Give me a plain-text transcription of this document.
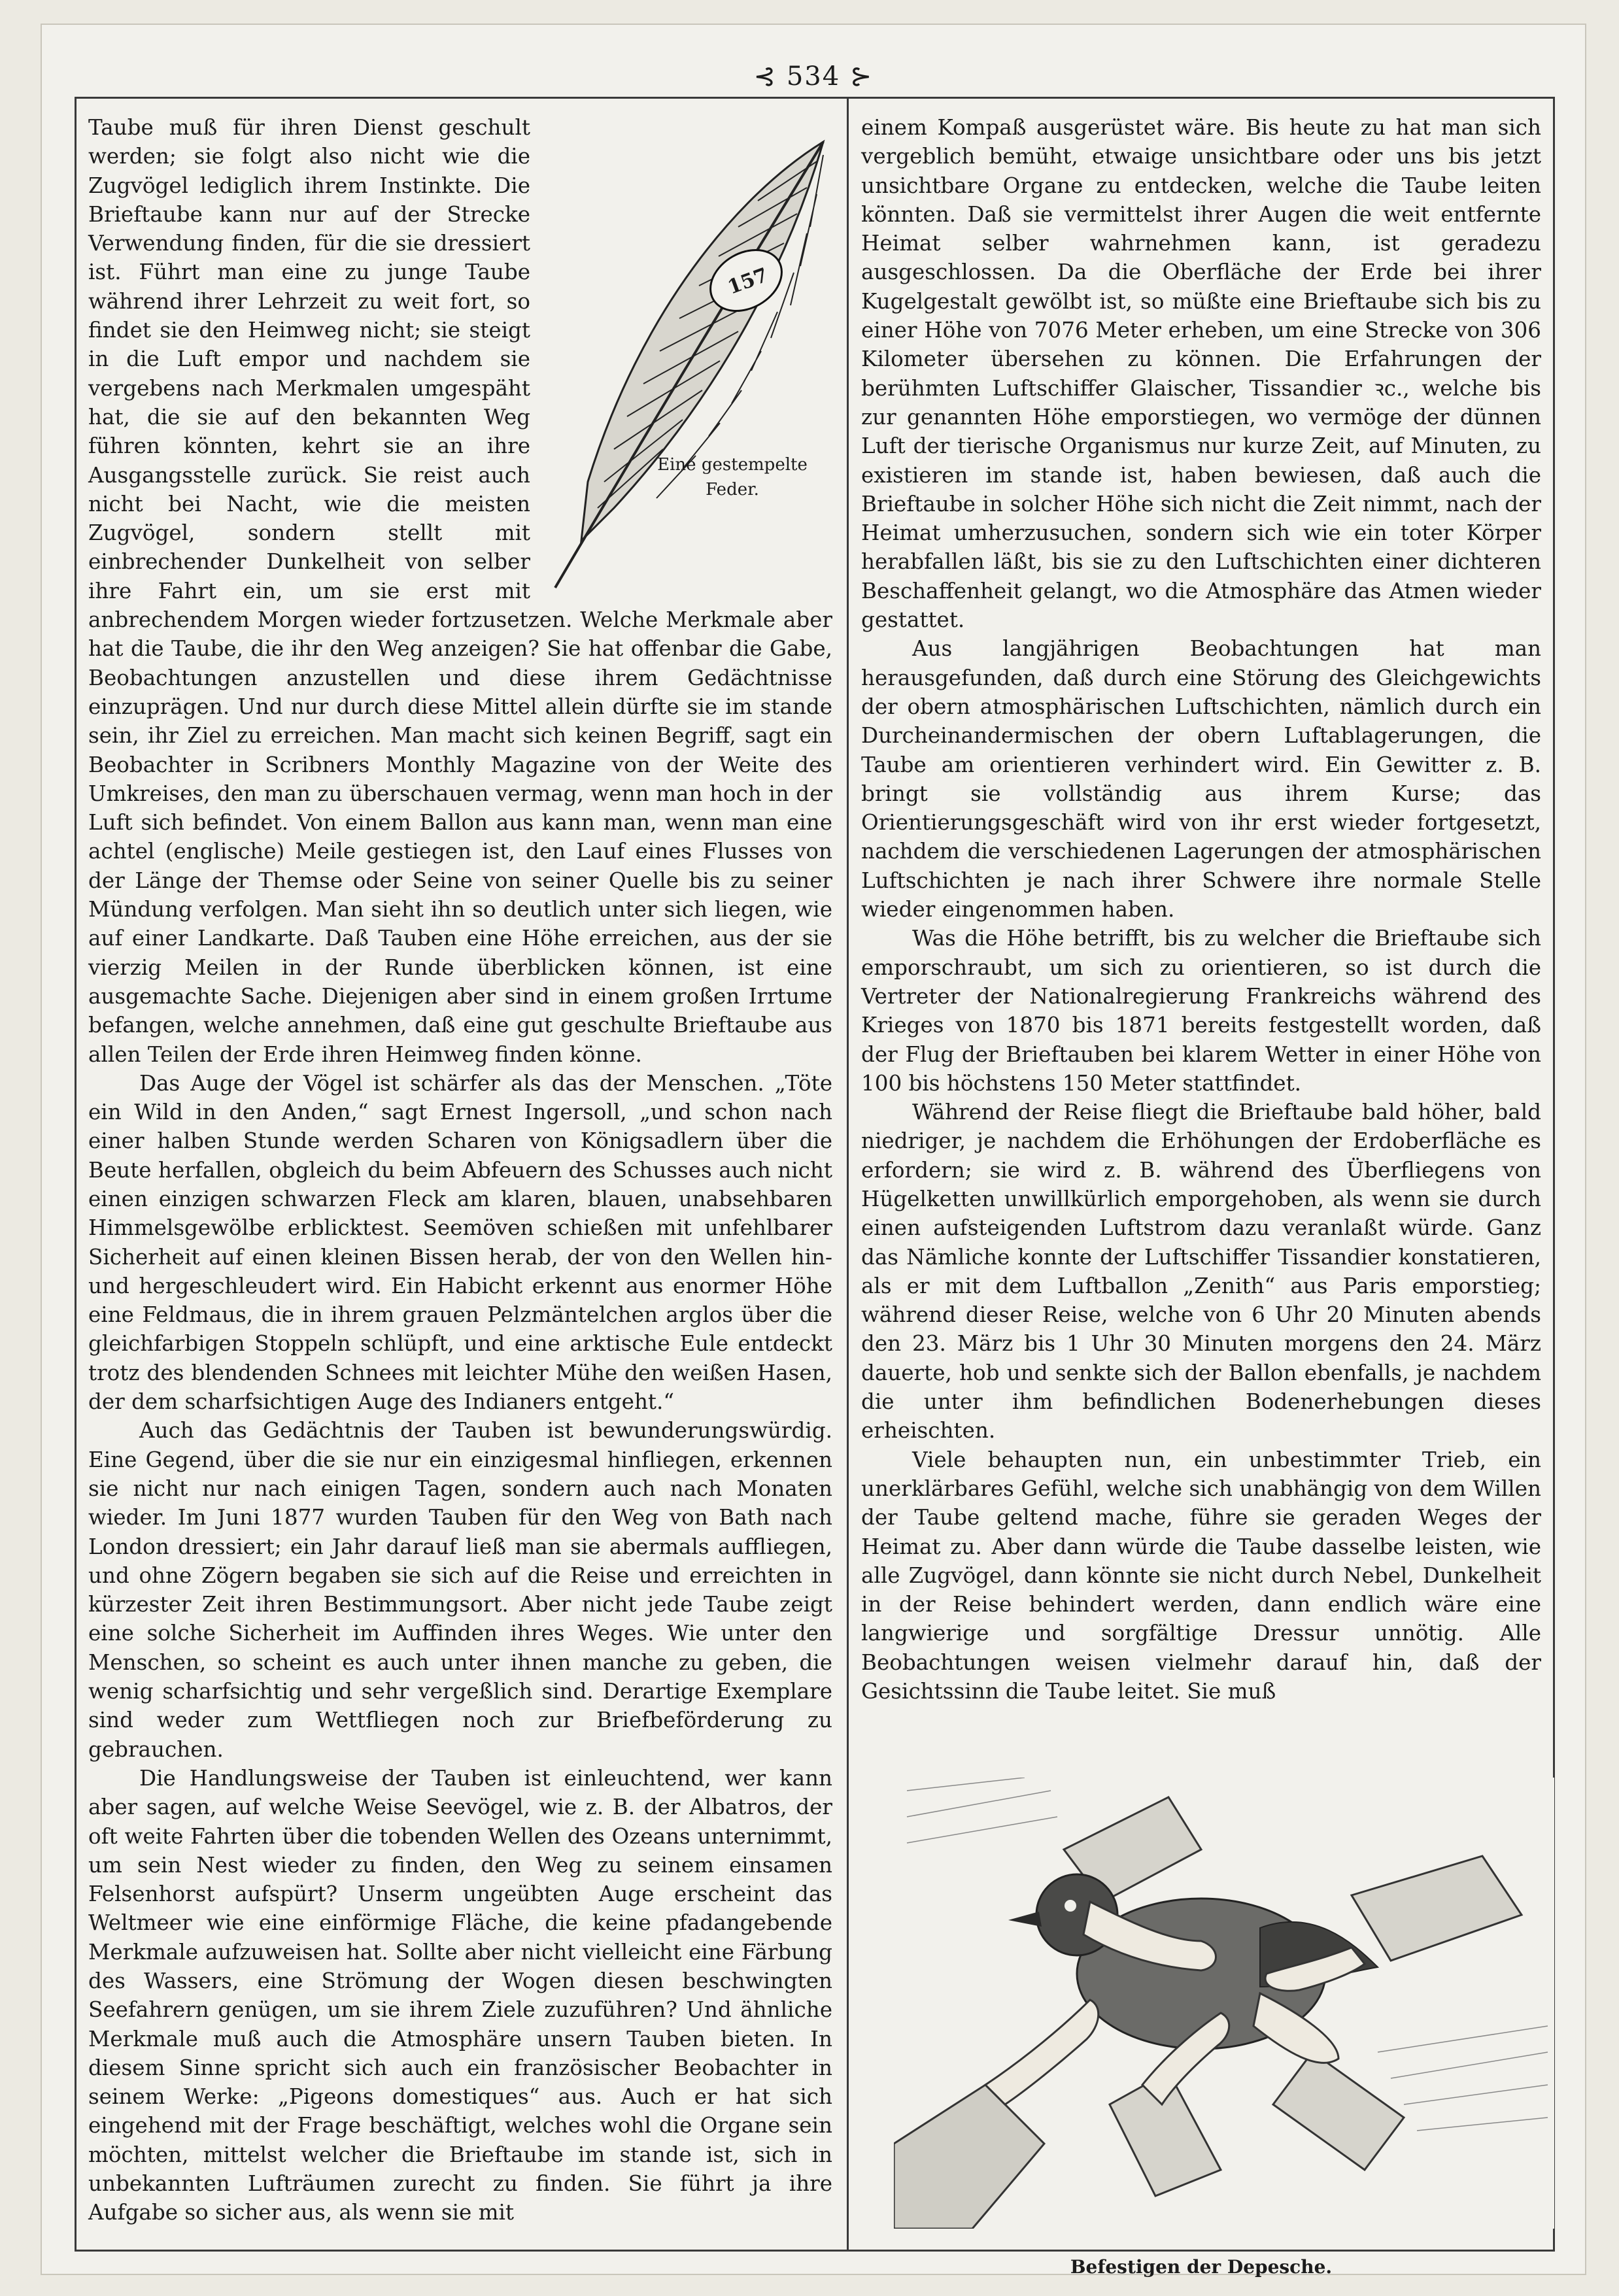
⊰ 534 ⊱
157
Eine gestempelte
Feder.

Taube muß für ihren Dienst geschult werden; sie folgt also nicht wie die Zugvögel lediglich ihrem Instinkte. Die Brieftaube kann nur auf der Strecke Verwendung finden, für die sie dressiert ist. Führt man eine zu junge Taube während ihrer Lehrzeit zu weit fort, so findet sie den Heimweg nicht; sie steigt in die Luft empor und nachdem sie vergebens nach Merkmalen umgespäht hat, die sie auf den bekannten Weg führen könnten, kehrt sie an ihre Ausgangsstelle zurück. Sie reist auch nicht bei Nacht, wie die meisten Zugvögel, sondern stellt mit einbrechender Dunkelheit von selber ihre Fahrt ein, um sie erst mit anbrechendem Morgen wieder fortzusetzen. Welche Merkmale aber hat die Taube, die ihr den Weg anzeigen? Sie hat offenbar die Gabe, Beobachtungen anzustellen und diese ihrem Gedächtnisse einzuprägen. Und nur durch diese Mittel allein dürfte sie im stande sein, ihr Ziel zu erreichen. Man macht sich keinen Begriff, sagt ein Beobachter in Scribners Monthly Magazine von der Weite des Umkreises, den man zu überschauen vermag, wenn man hoch in der Luft sich befindet. Von einem Ballon aus kann man, wenn man eine achtel (englische) Meile gestiegen ist, den Lauf eines Flusses von der Länge der Themse oder Seine von seiner Quelle bis zu seiner Mündung verfolgen. Man sieht ihn so deutlich unter sich liegen, wie auf einer Landkarte. Daß Tauben eine Höhe erreichen, aus der sie vierzig Meilen in der Runde überblicken können, ist eine ausgemachte Sache. Diejenigen aber sind in einem großen Irrtume befangen, welche annehmen, daß eine gut geschulte Brieftaube aus allen Teilen der Erde ihren Heimweg finden könne.

Das Auge der Vögel ist schärfer als das der Menschen. „Töte ein Wild in den Anden,“ sagt Ernest Ingersoll, „und schon nach einer halben Stunde werden Scharen von Königsadlern über die Beute herfallen, obgleich du beim Abfeuern des Schusses auch nicht einen einzigen schwarzen Fleck am klaren, blauen, unabsehbaren Himmelsgewölbe erblicktest. Seemöven schießen mit unfehlbarer Sicherheit auf einen kleinen Bissen herab, der von den Wellen hin- und hergeschleudert wird. Ein Habicht erkennt aus enormer Höhe eine Feldmaus, die in ihrem grauen Pelzmäntelchen arglos über die gleichfarbigen Stoppeln schlüpft, und eine arktische Eule entdeckt trotz des blendenden Schnees mit leichter Mühe den weißen Hasen, der dem scharfsichtigen Auge des Indianers entgeht.“

Auch das Gedächtnis der Tauben ist bewunderungswürdig. Eine Gegend, über die sie nur ein einzigesmal hinfliegen, erkennen sie nicht nur nach einigen Tagen, sondern auch nach Monaten wieder. Im Juni 1877 wurden Tauben für den Weg von Bath nach London dressiert; ein Jahr darauf ließ man sie abermals auffliegen, und ohne Zögern begaben sie sich auf die Reise und erreichten in kürzester Zeit ihren Bestimmungsort. Aber nicht jede Taube zeigt eine solche Sicherheit im Auffinden ihres Weges. Wie unter den Menschen, so scheint es auch unter ihnen manche zu geben, die wenig scharfsichtig und sehr vergeßlich sind. Derartige Exemplare sind weder zum Wettfliegen noch zur Briefbeförderung zu gebrauchen.

Die Handlungsweise der Tauben ist einleuchtend, wer kann aber sagen, auf welche Weise Seevögel, wie z. B. der Albatros, der oft weite Fahrten über die tobenden Wellen des Ozeans unternimmt, um sein Nest wieder zu finden, den Weg zu seinem einsamen Felsenhorst aufspürt? Unserm ungeübten Auge erscheint das Weltmeer wie eine einförmige Fläche, die keine pfadangebende Merkmale aufzuweisen hat. Sollte aber nicht vielleicht eine Färbung des Wassers, eine Strömung der Wogen diesen beschwingten Seefahrern genügen, um sie ihrem Ziele zuzuführen? Und ähnliche Merkmale muß auch die Atmosphäre unsern Tauben bieten. In diesem Sinne spricht sich auch ein französischer Beobachter in seinem Werke: „Pigeons domestiques“ aus. Auch er hat sich eingehend mit der Frage beschäftigt, welches wohl die Organe sein möchten, mittelst welcher die Brieftaube im stande ist, sich in unbekannten Lufträumen zurecht zu finden. Sie führt ja ihre Aufgabe so sicher aus, als wenn sie mit

einem Kompaß ausgerüstet wäre. Bis heute zu hat man sich vergeblich bemüht, etwaige unsichtbare oder uns bis jetzt unsichtbare Organe zu entdecken, welche die Taube leiten könnten. Daß sie vermittelst ihrer Augen die weit entfernte Heimat selber wahrnehmen kann, ist geradezu ausgeschlossen. Da die Oberfläche der Erde bei ihrer Kugelgestalt gewölbt ist, so müßte eine Brieftaube sich bis zu einer Höhe von 7076 Meter erheben, um eine Strecke von 306 Kilometer übersehen zu können. Die Erfahrungen der berühmten Luftschiffer Glaischer, Tissandier ꝛc., welche bis zur genannten Höhe emporstiegen, wo vermöge der dünnen Luft der tierische Organismus nur kurze Zeit, auf Minuten, zu existieren im stande ist, haben bewiesen, daß auch die Brieftaube in solcher Höhe sich nicht die Zeit nimmt, nach der Heimat umherzusuchen, sondern sich wie ein toter Körper herabfallen läßt, bis sie zu den Luftschichten einer dichteren Beschaffenheit gelangt, wo die Atmosphäre das Atmen wieder gestattet.

Aus langjährigen Beobachtungen hat man herausgefunden, daß durch eine Störung des Gleichgewichts der obern atmosphärischen Luftschichten, nämlich durch ein Durcheinandermischen der obern Luftablagerungen, die Taube am orientieren verhindert wird. Ein Gewitter z. B. bringt sie vollständig aus ihrem Kurse; das Orientierungsgeschäft wird von ihr erst wieder fortgesetzt, nachdem die verschiedenen Lagerungen der atmosphärischen Luftschichten je nach ihrer Schwere ihre normale Stelle wieder eingenommen haben.

Was die Höhe betrifft, bis zu welcher die Brieftaube sich emporschraubt, um sich zu orientieren, so ist durch die Vertreter der Nationalregierung Frankreichs während des Krieges von 1870 bis 1871 bereits festgestellt worden, daß der Flug der Brieftauben bei klarem Wetter in einer Höhe von 100 bis höchstens 150 Meter stattfindet.

Während der Reise fliegt die Brieftaube bald höher, bald niedriger, je nachdem die Erhöhungen der Erdoberfläche es erfordern; sie wird z. B. während des Überfliegens von Hügelketten unwillkürlich emporgehoben, als wenn sie durch einen aufsteigenden Luftstrom dazu veranlaßt würde. Ganz das Nämliche konnte der Luftschiffer Tissandier konstatieren, als er mit dem Luftballon „Zenith“ aus Paris emporstieg; während dieser Reise, welche von 6 Uhr 20 Minuten abends den 23. März bis 1 Uhr 30 Minuten morgens den 24. März dauerte, hob und senkte sich der Ballon ebenfalls, je nachdem die unter ihm befindlichen Bodenerhebungen dieses erheischten.

Viele behaupten nun, ein unbestimmter Trieb, ein unerklärbares Gefühl, welche sich unabhängig von dem Willen der Taube geltend mache, führe sie geraden Weges der Heimat zu. Aber dann würde die Taube dasselbe leisten, wie alle Zugvögel, dann könnte sie nicht durch Nebel, Dunkelheit in der Reise behindert werden, dann endlich wäre eine langwierige und sorgfältige Dressur unnötig. Alle Beobachtungen weisen vielmehr darauf hin, daß der Gesichtssinn die Taube leitet. Sie muß

Befestigen der Depesche.
